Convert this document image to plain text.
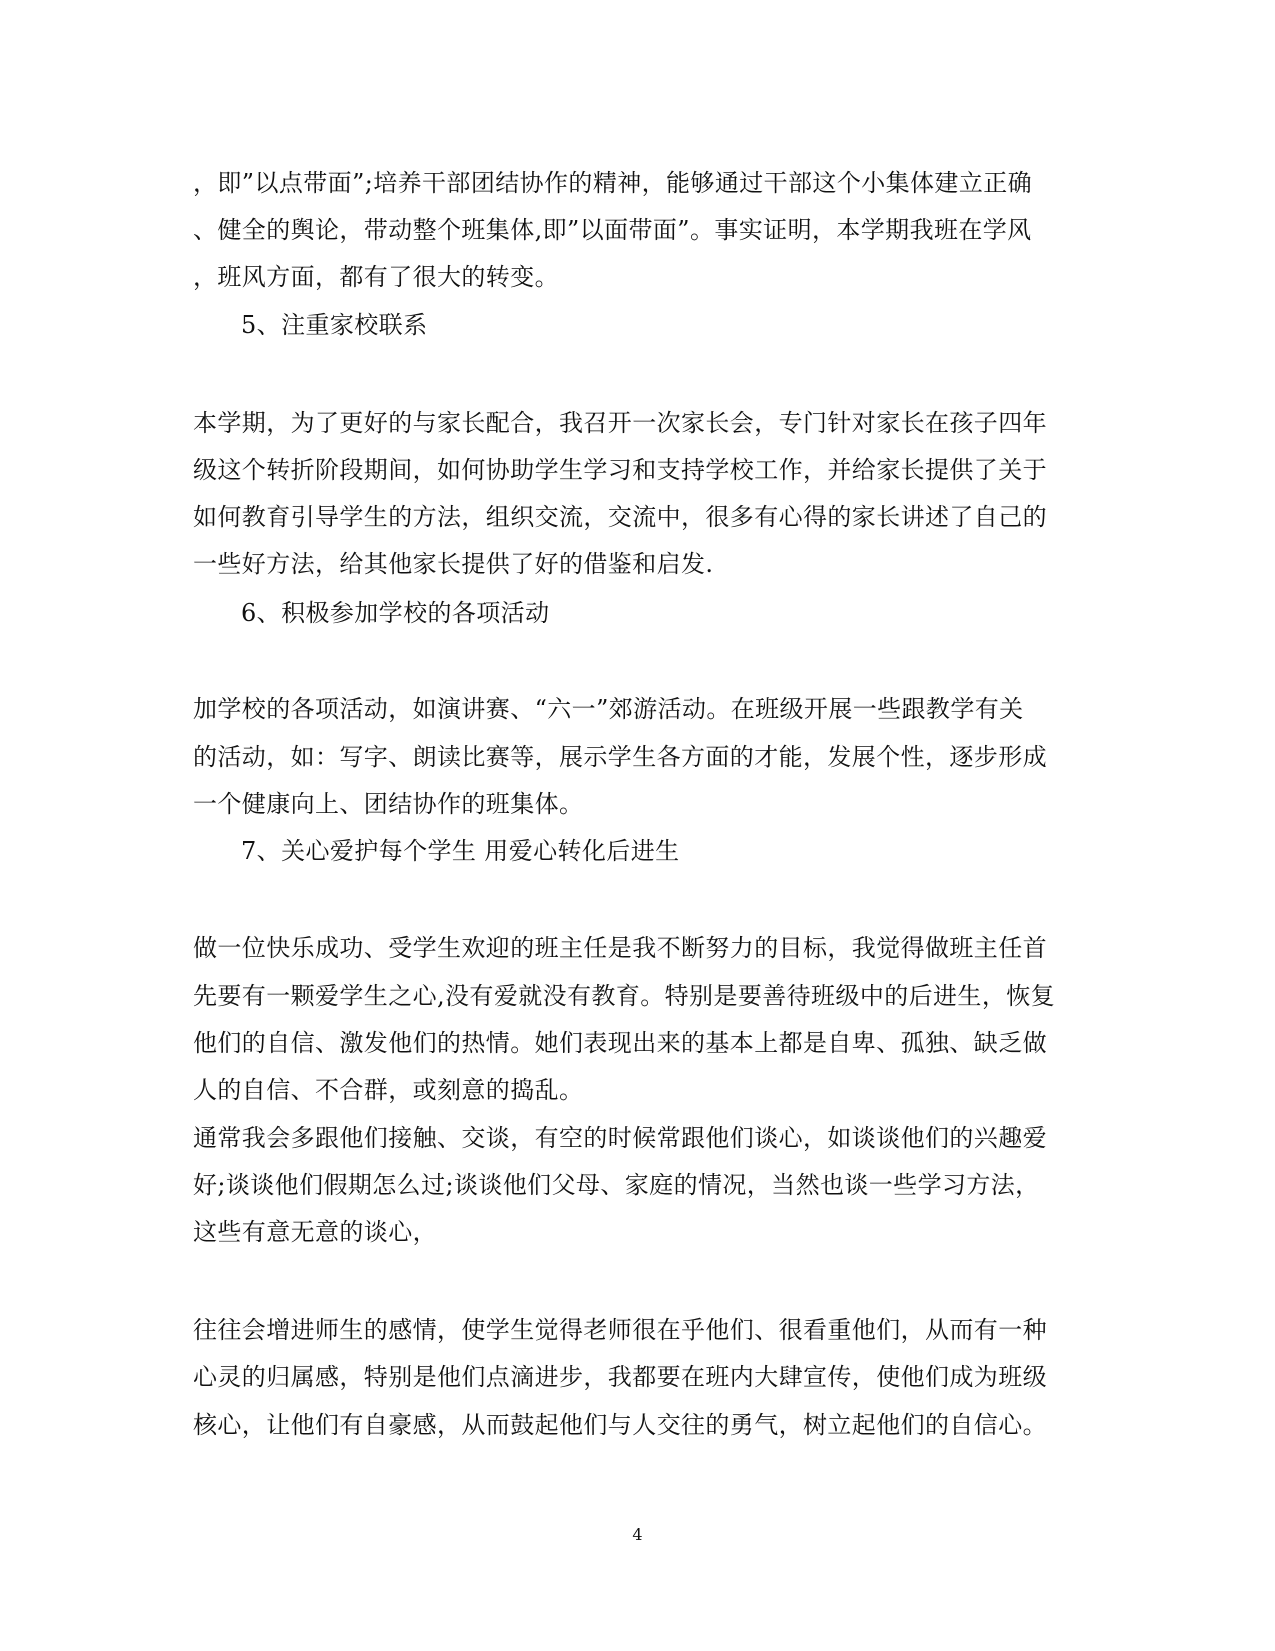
，即”以点带面”;培养干部团结协作的精神，能够通过干部这个小集体建立正确
、健全的舆论，带动整个班集体,即”以面带面”。事实证明，本学期我班在学风
，班风方面，都有了很大的转变。
5、注重家校联系
本学期，为了更好的与家长配合，我召开一次家长会，专门针对家长在孩子四年
级这个转折阶段期间，如何协助学生学习和支持学校工作，并给家长提供了关于
如何教育引导学生的方法，组织交流，交流中，很多有心得的家长讲述了自己的
一些好方法，给其他家长提供了好的借鉴和启发.
6、积极参加学校的各项活动
加学校的各项活动，如演讲赛、“六一”郊游活动。在班级开展一些跟教学有关
的活动，如：写字、朗读比赛等，展示学生各方面的才能，发展个性，逐步形成
一个健康向上、团结协作的班集体。
7、关心爱护每个学生 用爱心转化后进生
做一位快乐成功、受学生欢迎的班主任是我不断努力的目标，我觉得做班主任首
先要有一颗爱学生之心,没有爱就没有教育。特别是要善待班级中的后进生，恢复
他们的自信、激发他们的热情。她们表现出来的基本上都是自卑、孤独、缺乏做
人的自信、不合群，或刻意的捣乱。
通常我会多跟他们接触、交谈，有空的时候常跟他们谈心，如谈谈他们的兴趣爱
好;谈谈他们假期怎么过;谈谈他们父母、家庭的情况，当然也谈一些学习方法，
这些有意无意的谈心，
往往会增进师生的感情，使学生觉得老师很在乎他们、很看重他们，从而有一种
心灵的归属感，特别是他们点滴进步，我都要在班内大肆宣传，使他们成为班级
核心，让他们有自豪感，从而鼓起他们与人交往的勇气，树立起他们的自信心。
4
